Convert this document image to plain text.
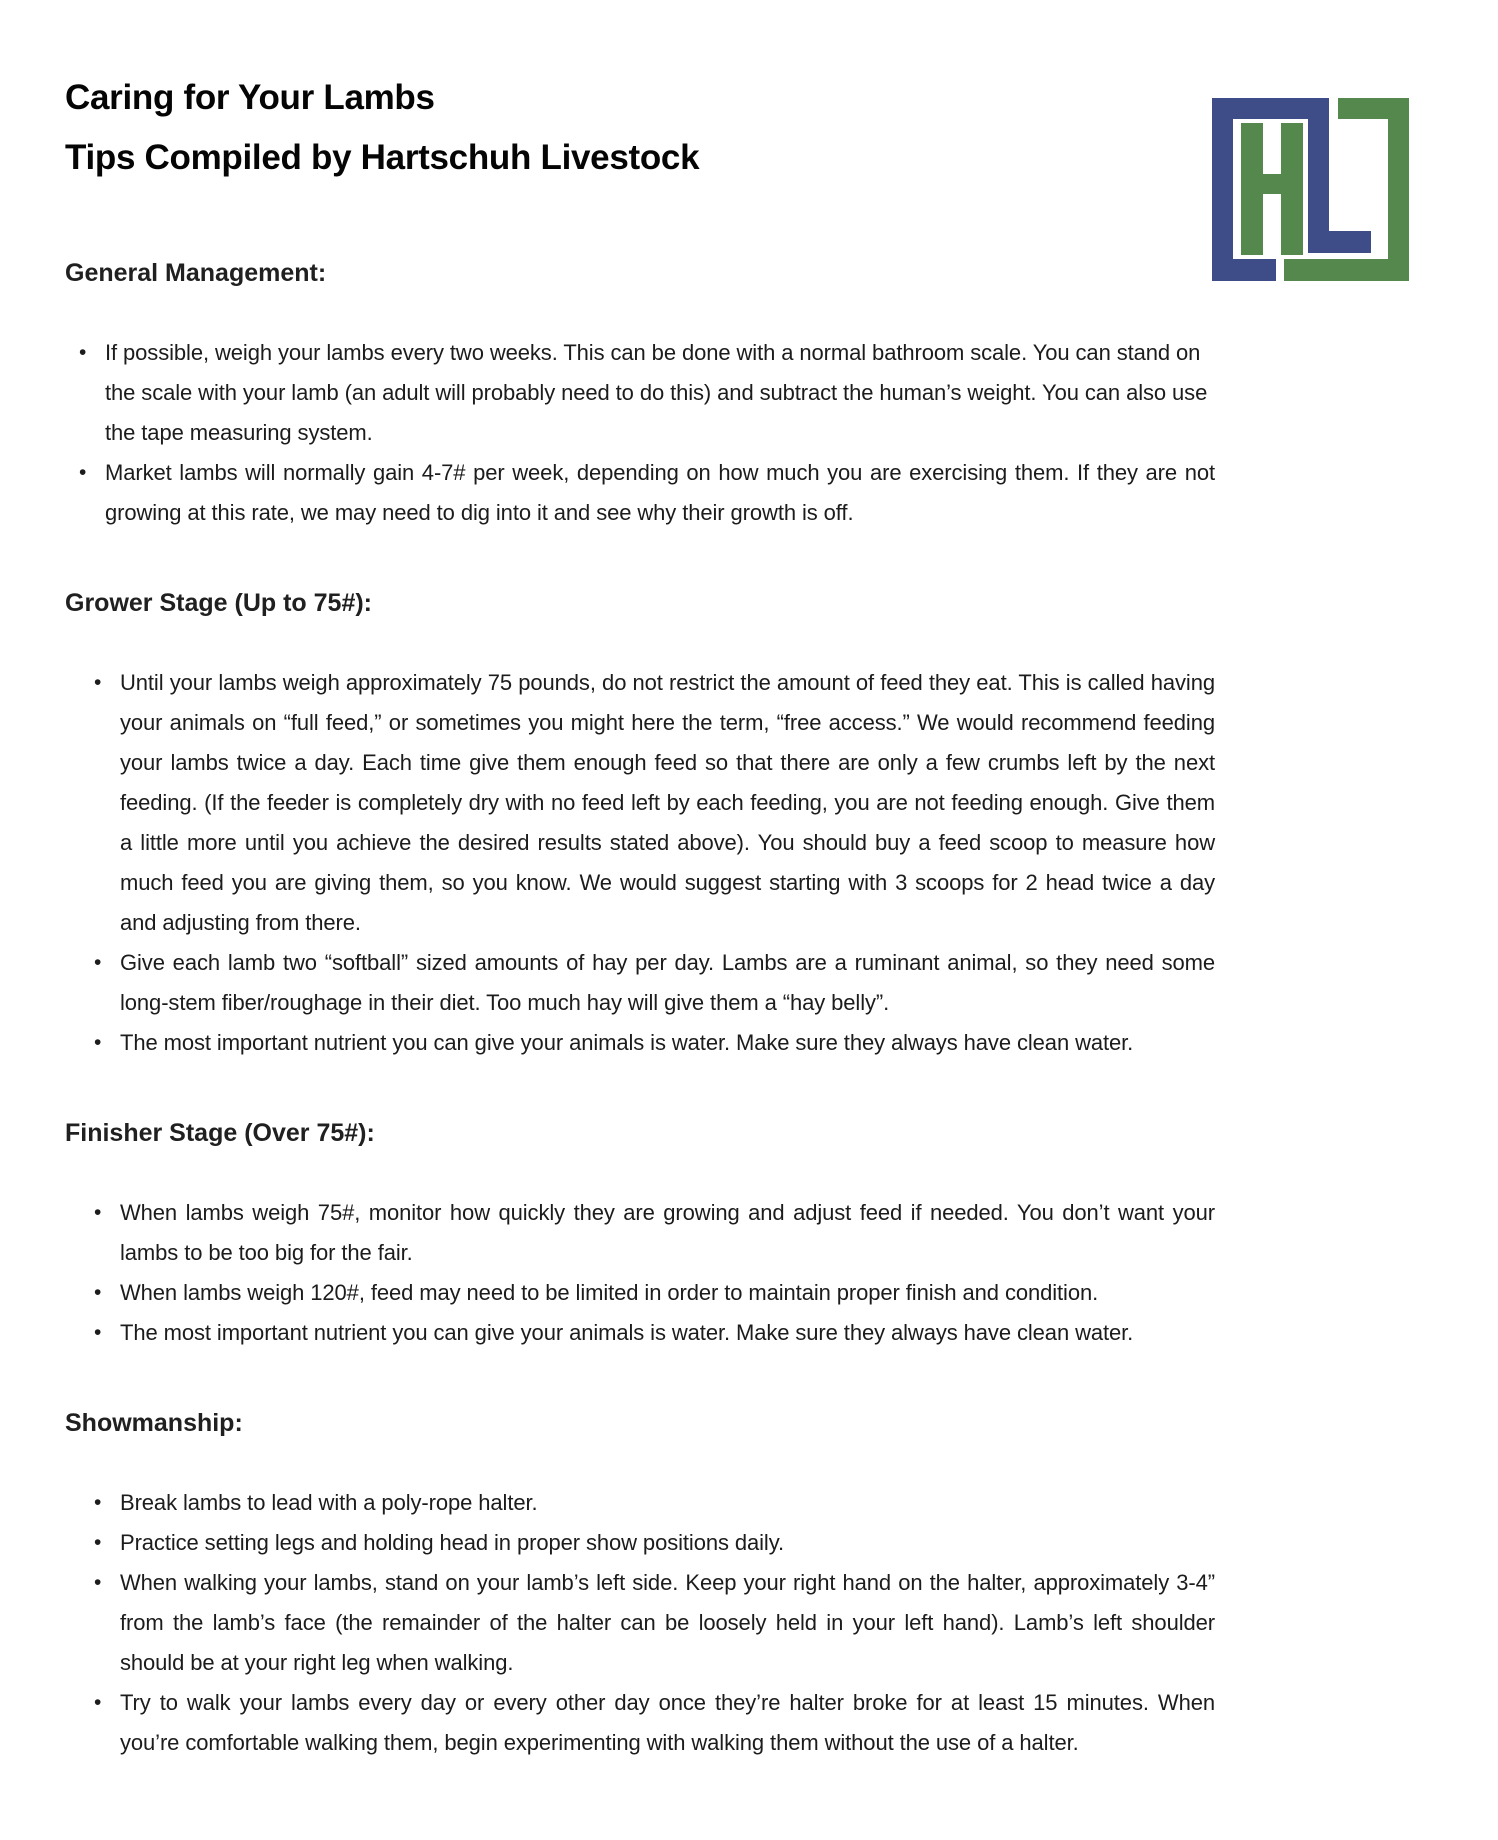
Caring for Your Lambs
Tips Compiled by Hartschuh Livestock
General Management:
• If possible, weigh your lambs every two weeks. This can be done with a normal bathroom scale. You can stand on the scale with your lamb (an adult will probably need to do this) and subtract the human’s weight. You can also use the tape measuring system.
• Market lambs will normally gain 4-7# per week, depending on how much you are exercising them. If they are not growing at this rate, we may need to dig into it and see why their growth is off.
Grower Stage (Up to 75#):
• Until your lambs weigh approximately 75 pounds, do not restrict the amount of feed they eat. This is called having your animals on “full feed,” or sometimes you might here the term, “free access.” We would recommend feeding your lambs twice a day. Each time give them enough feed so that there are only a few crumbs left by the next feeding. (If the feeder is completely dry with no feed left by each feeding, you are not feeding enough. Give them a little more until you achieve the desired results stated above). You should buy a feed scoop to measure how much feed you are giving them, so you know. We would suggest starting with 3 scoops for 2 head twice a day and adjusting from there.
• Give each lamb two “softball” sized amounts of hay per day. Lambs are a ruminant animal, so they need some long-stem fiber/roughage in their diet. Too much hay will give them a “hay belly”.
• The most important nutrient you can give your animals is water. Make sure they always have clean water.
Finisher Stage (Over 75#):
• When lambs weigh 75#, monitor how quickly they are growing and adjust feed if needed. You don’t want your lambs to be too big for the fair.
• When lambs weigh 120#, feed may need to be limited in order to maintain proper finish and condition.
• The most important nutrient you can give your animals is water. Make sure they always have clean water.
Showmanship:
• Break lambs to lead with a poly-rope halter.
• Practice setting legs and holding head in proper show positions daily.
• When walking your lambs, stand on your lamb’s left side. Keep your right hand on the halter, approximately 3-4” from the lamb’s face (the remainder of the halter can be loosely held in your left hand). Lamb’s left shoulder should be at your right leg when walking.
• Try to walk your lambs every day or every other day once they’re halter broke for at least 15 minutes. When you’re comfortable walking them, begin experimenting with walking them without the use of a halter.
